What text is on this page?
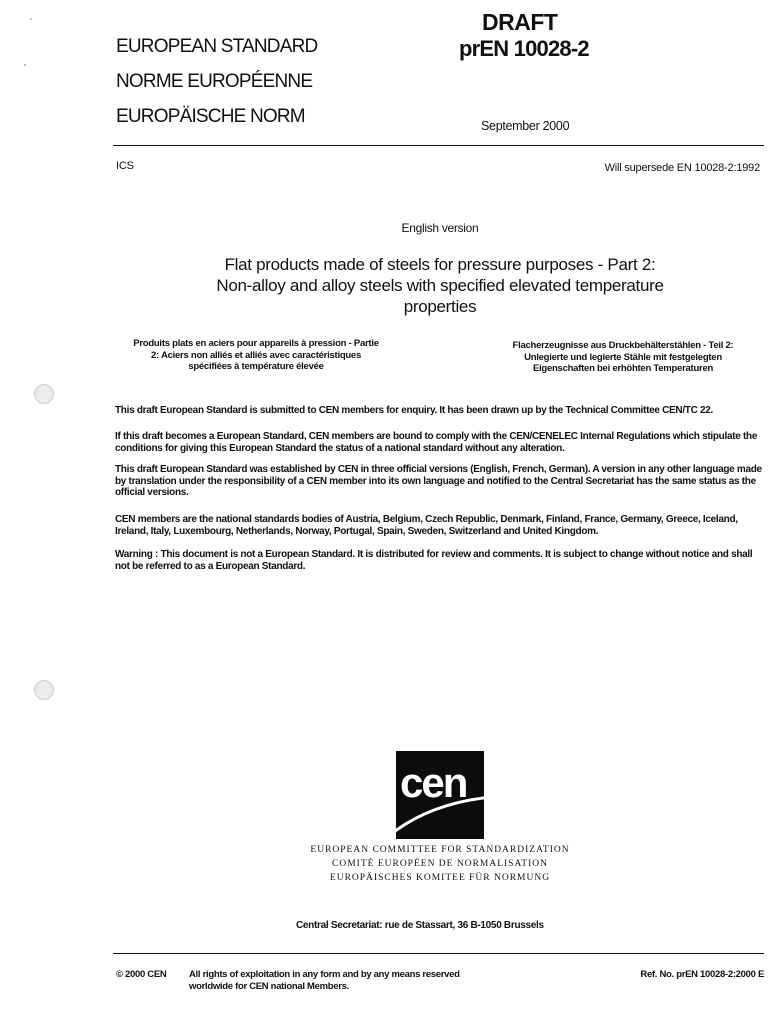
EUROPEAN STANDARD
NORME EUROPÉENNE
EUROPÄISCHE NORM
DRAFT
prEN 10028-2
September 2000
ICS	Will supersede EN 10028-2:1992
English version
Flat products made of steels for pressure purposes - Part 2:
Non-alloy and alloy steels with specified elevated temperature
properties
Produits plats en aciers pour appareils à pression - Partie
2: Aciers non alliés et alliés avec caractéristiques
spécifiées à température élevée
Flacherzeugnisse aus Druckbehälterstählen - Teil 2:
Unlegierte und legierte Stähle mit festgelegten
Eigenschaften bei erhöhten Temperaturen
This draft European Standard is submitted to CEN members for enquiry. It has been drawn up by the Technical Committee CEN/TC 22.
If this draft becomes a European Standard, CEN members are bound to comply with the CEN/CENELEC Internal Regulations which stipulate the conditions for giving this European Standard the status of a national standard without any alteration.
This draft European Standard was established by CEN in three official versions (English, French, German). A version in any other language made by translation under the responsibility of a CEN member into its own language and notified to the Central Secretariat has the same status as the official versions.
CEN members are the national standards bodies of Austria, Belgium, Czech Republic, Denmark, Finland, France, Germany, Greece, Iceland, Ireland, Italy, Luxembourg, Netherlands, Norway, Portugal, Spain, Sweden, Switzerland and United Kingdom.
Warning : This document is not a European Standard. It is distributed for review and comments. It is subject to change without notice and shall not be referred to as a European Standard.
cen
EUROPEAN COMMITTEE FOR STANDARDIZATION
COMITÉ EUROPÉEN DE NORMALISATION
EUROPÄISCHES KOMITEE FÜR NORMUNG
Central Secretariat: rue de Stassart, 36 B-1050 Brussels
© 2000 CEN All rights of exploitation in any form and by any means reserved
worldwide for CEN national Members.
Ref. No. prEN 10028-2:2000 E
